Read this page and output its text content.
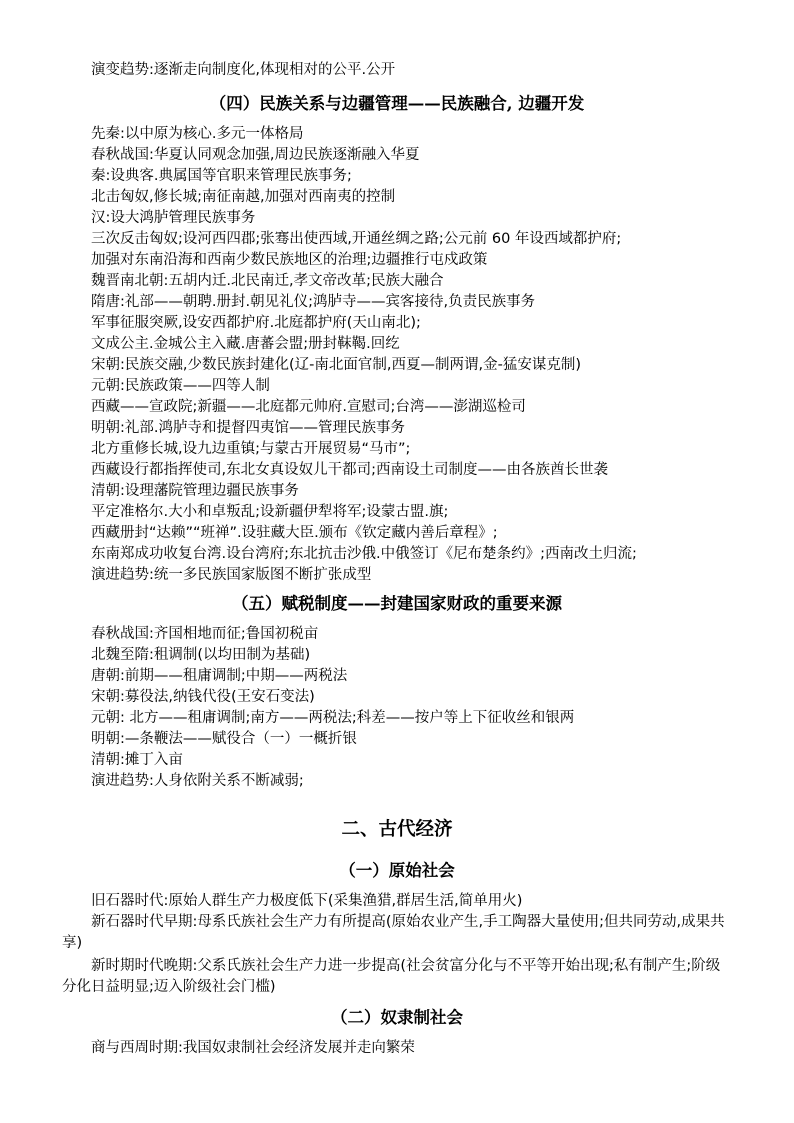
演变趋势:逐渐走向制度化,体现相对的公平.公开
（四）民族关系与边疆管理——民族融合, 边疆开发
先秦:以中原为核心.多元一体格局
春秋战国:华夏认同观念加强,周边民族逐渐融入华夏
秦:设典客.典属国等官职来管理民族事务;
北击匈奴,修长城;南征南越,加强对西南夷的控制
汉:设大鸿胪管理民族事务
三次反击匈奴;设河西四郡;张骞出使西域,开通丝绸之路;公元前 60 年设西域都护府;
加强对东南沿海和西南少数民族地区的治理;边疆推行屯戍政策
魏晋南北朝:五胡内迁.北民南迁,孝文帝改革;民族大融合
隋唐:礼部——朝聘.册封.朝见礼仪;鸿胪寺——宾客接待,负责民族事务
军事征服突厥,设安西都护府.北庭都护府(天山南北);
文成公主.金城公主入藏.唐蕃会盟;册封靺鞨.回纥
宋朝:民族交融,少数民族封建化(辽-南北面官制,西夏—制两谓,金-猛安谋克制)
元朝:民族政策——四等人制
西藏——宣政院;新疆——北庭都元帅府.宣慰司;台湾——澎湖巡检司
明朝:礼部.鸿胪寺和提督四夷馆——管理民族事务
北方重修长城,设九边重镇;与蒙古开展贸易“马市”;
西藏设行都指挥使司,东北女真设奴儿干都司;西南设土司制度——由各族酋长世袭
清朝:设理藩院管理边疆民族事务
平定准格尔.大小和卓叛乱;设新疆伊犁将军;设蒙古盟.旗;
西藏册封“达赖”“班禅”.设驻藏大臣.颁布《钦定藏内善后章程》;
东南郑成功收复台湾.设台湾府;东北抗击沙俄.中俄签订《尼布楚条约》;西南改土归流;
演进趋势:统一多民族国家版图不断扩张成型
（五）赋税制度——封建国家财政的重要来源
春秋战国:齐国相地而征;鲁国初税亩
北魏至隋:租调制(以均田制为基础)
唐朝:前期——租庸调制;中期——两税法
宋朝:募役法,纳钱代役(王安石变法)
元朝: 北方——租庸调制;南方——两税法;科差——按户等上下征收丝和银两
明朝:—条鞭法——赋役合（一）一概折银
清朝:摊丁入亩
演进趋势:人身依附关系不断减弱;
二、古代经济
（一）原始社会
旧石器时代:原始人群生产力极度低下(采集渔猎,群居生活,简单用火)
新石器时代早期:母系氏族社会生产力有所提高(原始农业产生,手工陶器大量使用;但共同劳动,成果共享)
新时期时代晚期:父系氏族社会生产力进一步提高(社会贫富分化与不平等开始出现;私有制产生;阶级分化日益明显;迈入阶级社会门槛)
（二）奴隶制社会
商与西周时期:我国奴隶制社会经济发展并走向繁荣
